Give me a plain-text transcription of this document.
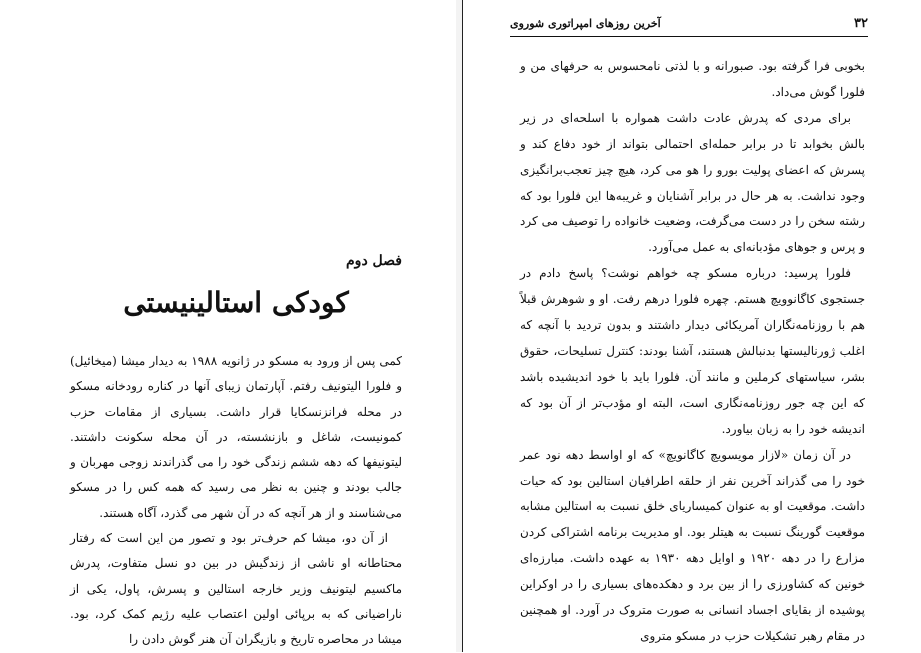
۳۲
آخرین روزهای امپراتوری شوروی

بخوبی فرا گرفته بود. صبورانه و با لذتی نامحسوس به حرفهای من و فلورا گوش می‌داد.

برای مردی که پدرش عادت داشت همواره با اسلحه‌ای در زیر بالش بخوابد تا در برابر حمله‌ای احتمالی بتواند از خود دفاع کند و پسرش که اعضای پولیت بورو را هو می کرد، هیچ چیز تعجب‌برانگیزی وجود نداشت. به هر حال در برابر آشنایان و غریبه‌ها این فلورا بود که رشته سخن را در دست می‌گرفت، وضعیت خانواده را توصیف می کرد و پرس و جوهای مؤدبانه‌ای به عمل می‌آورد.

فلورا پرسید: درباره مسکو چه خواهم نوشت؟ پاسخ دادم در جستجوی کاگانوویچ هستم. چهره فلورا درهم رفت. او و شوهرش قبلاً هم با روزنامه‌نگاران آمریکائی دیدار داشتند و بدون تردید با آنچه که اغلب ژورنالیستها بدنبالش هستند، آشنا بودند: کنترل تسلیحات، حقوق بشر، سیاستهای کرملین و مانند آن. فلورا باید با خود اندیشیده باشد که این چه جور روزنامه‌نگاری است، البته او مؤدب‌تر از آن بود که اندیشه خود را به زبان بیاورد.

در آن زمان «لازار مویسویچ کاگانویچ» که او اواسط دهه نود عمر خود را می گذراند آخرین نفر از حلقه اطرافیان استالین بود که حیات داشت. موقعیت او به عنوان کمیساریای خلق نسبت به استالین مشابه موقعیت گورینگ نسبت به هیتلر بود. او مدیریت برنامه اشتراکی کردن مزارع را در دهه ۱۹۲۰ و اوایل دهه ۱۹۳۰ به عهده داشت. مبارزه‌ای خونین که کشاورزی را از بین برد و دهکده‌های بسیاری را در اوکراین پوشیده از بقایای اجساد انسانی به صورت متروک در آورد. او همچنین در مقام رهبر تشکیلات حزب در مسکو متروی

فصل دوم
کودکی استالینیستی

کمی پس از ورود به مسکو در ژانویه ۱۹۸۸ به دیدار میشا (میخائیل) و فلورا الیتونیف رفتم. آپارتمان زیبای آنها در کناره رودخانه مسکو در محله فرانزنسکایا قرار داشت. بسیاری از مقامات حزب کمونیست، شاغل و بازنشسته، در آن محله سکونت داشتند. لیتونیفها که دهه ششم زندگی خود را می گذراندند زوجی مهربان و جالب بودند و چنین به نظر می رسید که همه کس را در مسکو می‌شناسند و از هر آنچه که در آن شهر می گذرد، آگاه هستند.

از آن دو، میشا کم حرف‌تر بود و تصور من این است که رفتار محتاطانه او ناشی از زندگیش در بین دو نسل متفاوت، پدرش ماکسیم لیتونیف وزیر خارجه استالین و پسرش، پاول، یکی از ناراضیانی که به برپائی اولین اعتصاب علیه رژیم کمک کرد، بود. میشا در محاصره تاریخ و بازیگران آن هنر گوش دادن را
